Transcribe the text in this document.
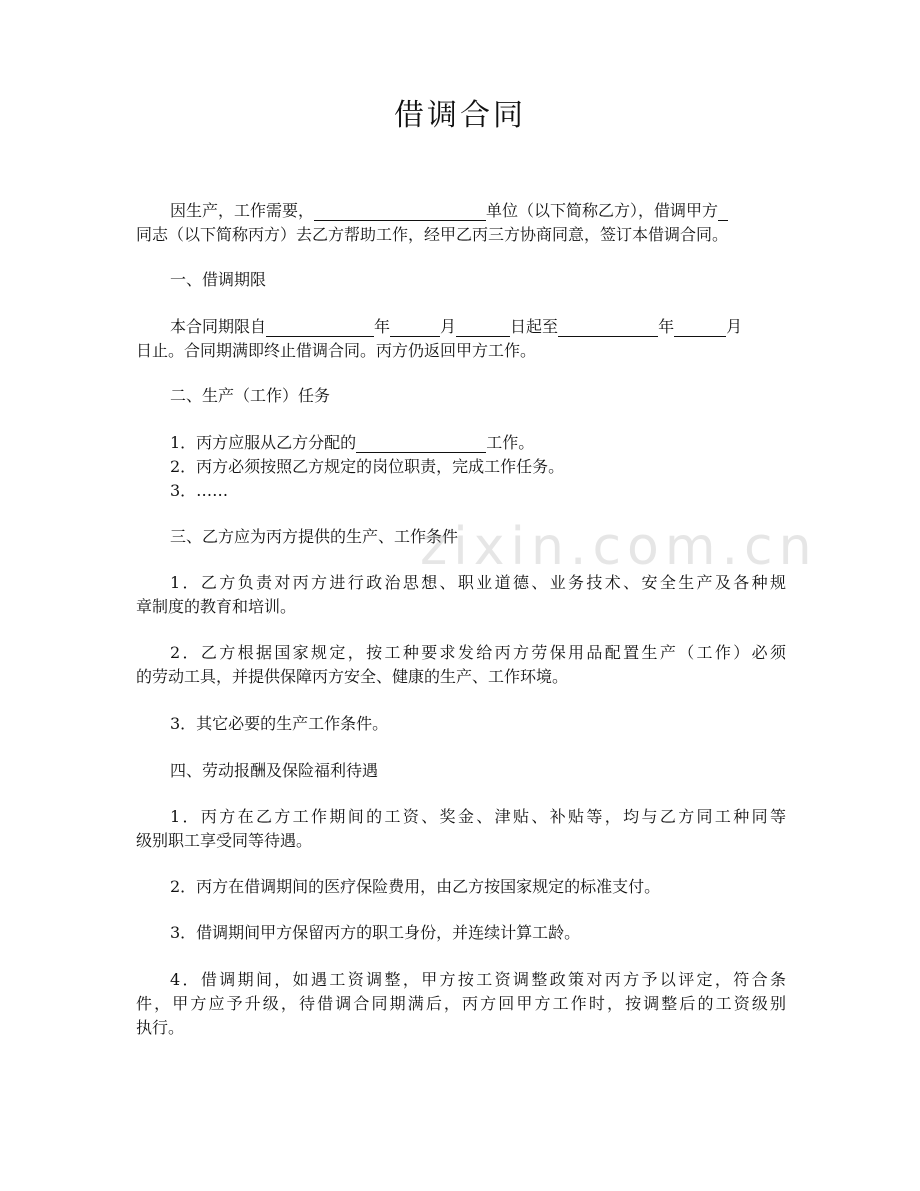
借调合同
因生产，工作需要，	单位（以下简称乙方），借调甲方
同志（以下简称丙方）去乙方帮助工作，经甲乙丙三方协商同意，签订本借调合同。
一、借调期限
本合同期限自	年	月	日起至	年	月
日止。合同期满即终止借调合同。丙方仍返回甲方工作。
二、生产（工作）任务
1．丙方应服从乙方分配的	工作。
2．丙方必须按照乙方规定的岗位职责，完成工作任务。
3．……
三、乙方应为丙方提供的生产、工作条件
1．乙方负责对丙方进行政治思想、职业道德、业务技术、安全生产及各种规
章制度的教育和培训。
2．乙方根据国家规定，按工种要求发给丙方劳保用品配置生产（工作）必须
的劳动工具，并提供保障丙方安全、健康的生产、工作环境。
3．其它必要的生产工作条件。
四、劳动报酬及保险福利待遇
1．丙方在乙方工作期间的工资、奖金、津贴、补贴等，均与乙方同工种同等
级别职工享受同等待遇。
2．丙方在借调期间的医疗保险费用，由乙方按国家规定的标准支付。
3．借调期间甲方保留丙方的职工身份，并连续计算工龄。
4．借调期间，如遇工资调整，甲方按工资调整政策对丙方予以评定，符合条
件，甲方应予升级，待借调合同期满后，丙方回甲方工作时，按调整后的工资级别
执行。
zixin.com.cn
